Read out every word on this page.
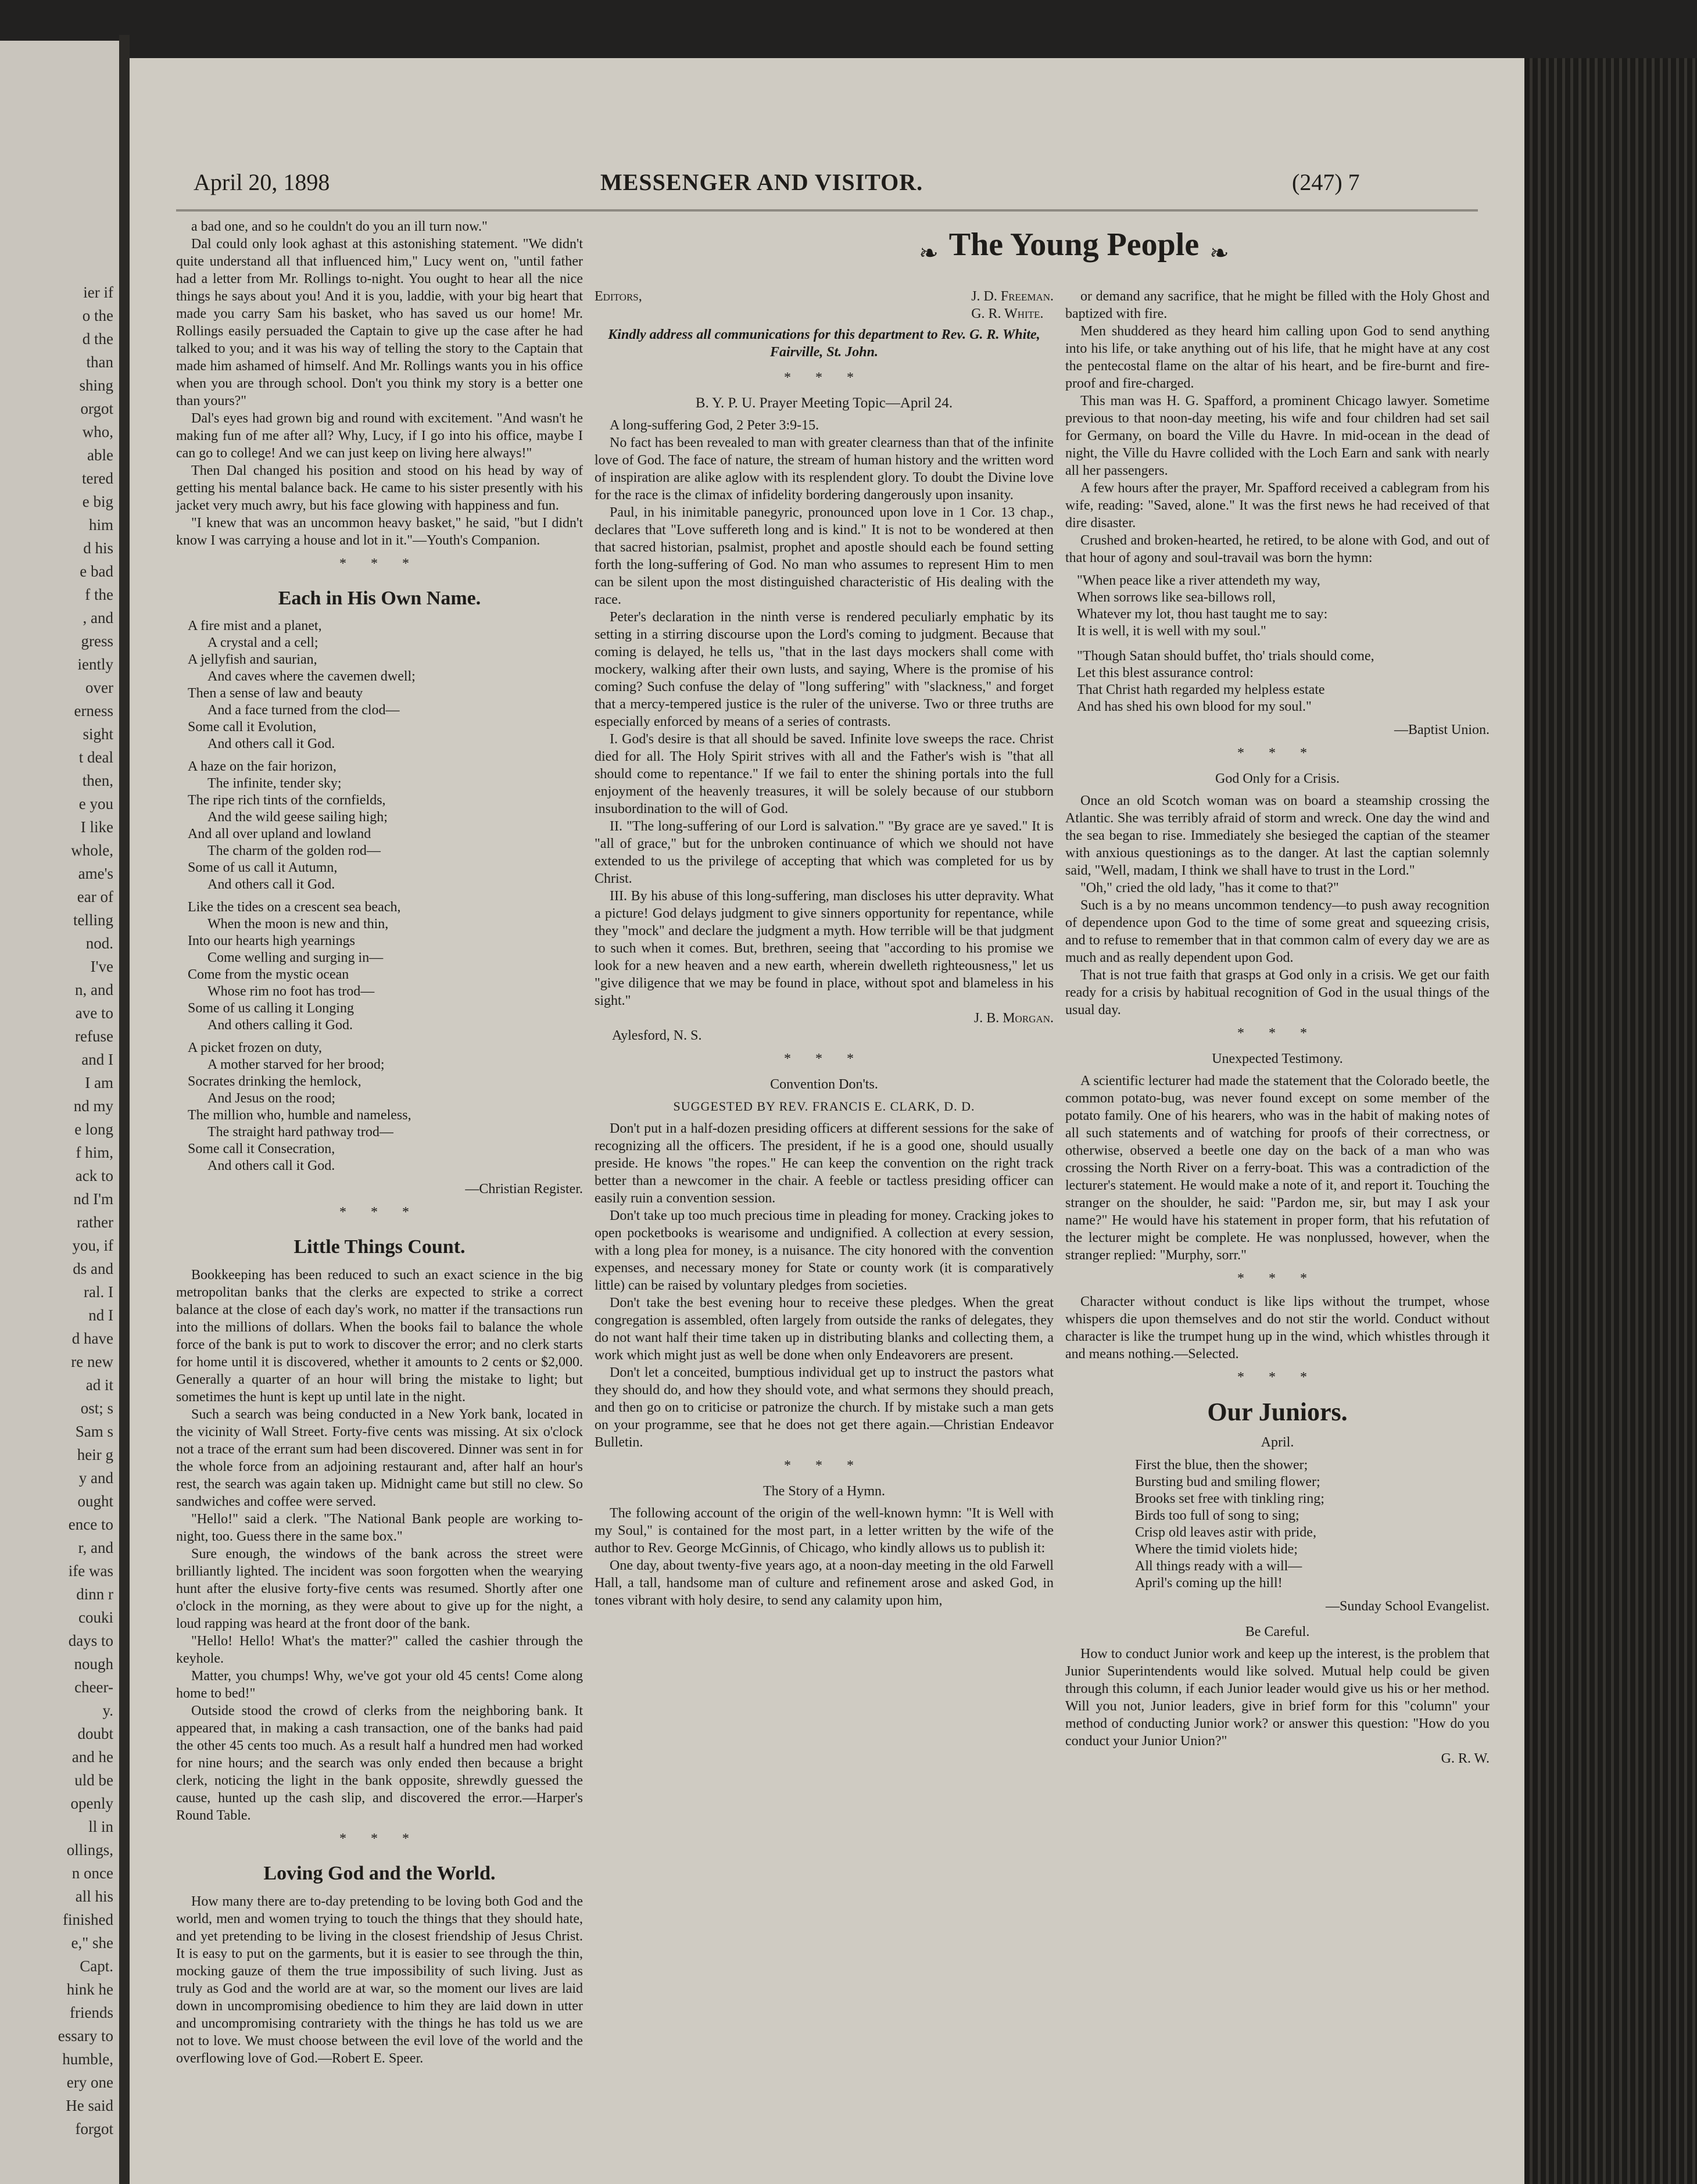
ier if
o the
d the
than
shing
orgot
who,
able
tered
e big
him
d his
e bad
f the
, and
gress
iently
over
erness
sight
t deal
then,
e you
I like
whole,
ame's
ear of
telling
nod.
I've
n, and
ave to
refuse
and I
I am
nd my
e long
f him,
ack to
nd I'm
rather
you, if
ds and
ral. I
nd I
d have
re new
ad it
ost; s
Sam s
heir g
y and
ought
ence to
r, and
ife was
dinn r
couki
days to
nough
cheer-
y.
doubt
and he
uld be
openly
ll in
ollings,
n once
all his
finished
e," she
Capt.
hink he
friends
essary to
humble,
ery one
He said
forgot
April 20, 1898	MESSENGER AND VISITOR.	(247) 7

a bad one, and so he couldn't do you an ill turn now."

Dal could only look aghast at this astonishing statement. "We didn't quite understand all that influenced him," Lucy went on, "until father had a letter from Mr. Rollings to-night. You ought to hear all the nice things he says about you! And it is you, laddie, with your big heart that made you carry Sam his basket, who has saved us our home! Mr. Rollings easily persuaded the Captain to give up the case after he had talked to you; and it was his way of telling the story to the Captain that made him ashamed of himself. And Mr. Rollings wants you in his office when you are through school. Don't you think my story is a better one than yours?"

Dal's eyes had grown big and round with excitement. "And wasn't he making fun of me after all? Why, Lucy, if I go into his office, maybe I can go to college! And we can just keep on living here always!"

Then Dal changed his position and stood on his head by way of getting his mental balance back. He came to his sister presently with his jacket very much awry, but his face glowing with happiness and fun.

"I knew that was an uncommon heavy basket," he said, "but I didn't know I was carrying a house and lot in it."—Youth's Companion.

* * *
Each in His Own Name.
A fire mist and a planet,
A crystal and a cell;
A jellyfish and saurian,
And caves where the cavemen dwell;
Then a sense of law and beauty
And a face turned from the clod—
Some call it Evolution,
And others call it God.
A haze on the fair horizon,
The infinite, tender sky;
The ripe rich tints of the cornfields,
And the wild geese sailing high;
And all over upland and lowland
The charm of the golden rod—
Some of us call it Autumn,
And others call it God.
Like the tides on a crescent sea beach,
When the moon is new and thin,
Into our hearts high yearnings
Come welling and surging in—
Come from the mystic ocean
Whose rim no foot has trod—
Some of us calling it Longing
And others calling it God.
A picket frozen on duty,
A mother starved for her brood;
Socrates drinking the hemlock,
And Jesus on the rood;
The million who, humble and nameless,
The straight hard pathway trod—
Some call it Consecration,
And others call it God.
—Christian Register.
* * *
Little Things Count.

Bookkeeping has been reduced to such an exact science in the big metropolitan banks that the clerks are expected to strike a correct balance at the close of each day's work, no matter if the transactions run into the millions of dollars. When the books fail to balance the whole force of the bank is put to work to discover the error; and no clerk starts for home until it is discovered, whether it amounts to 2 cents or $2,000. Generally a quarter of an hour will bring the mistake to light; but sometimes the hunt is kept up until late in the night.

Such a search was being conducted in a New York bank, located in the vicinity of Wall Street. Forty-five cents was missing. At six o'clock not a trace of the errant sum had been discovered. Dinner was sent in for the whole force from an adjoining restaurant and, after half an hour's rest, the search was again taken up. Midnight came but still no clew. So sandwiches and coffee were served.

"Hello!" said a clerk. "The National Bank people are working to-night, too. Guess there in the same box."

Sure enough, the windows of the bank across the street were brilliantly lighted. The incident was soon forgotten when the wearying hunt after the elusive forty-five cents was resumed. Shortly after one o'clock in the morning, as they were about to give up for the night, a loud rapping was heard at the front door of the bank.

"Hello! Hello! What's the matter?" called the cashier through the keyhole.

Matter, you chumps! Why, we've got your old 45 cents! Come along home to bed!"

Outside stood the crowd of clerks from the neighboring bank. It appeared that, in making a cash transaction, one of the banks had paid the other 45 cents too much. As a result half a hundred men had worked for nine hours; and the search was only ended then because a bright clerk, noticing the light in the bank opposite, shrewdly guessed the cause, hunted up the cash slip, and discovered the error.—Harper's Round Table.

* * *
Loving God and the World.

How many there are to-day pretending to be loving both God and the world, men and women trying to touch the things that they should hate, and yet pretending to be living in the closest friendship of Jesus Christ. It is easy to put on the garments, but it is easier to see through the thin, mocking gauze of them the true impossibility of such living. Just as truly as God and the world are at war, so the moment our lives are laid down in uncompromising obedience to him they are laid down in utter and uncompromising contrariety with the things he has told us we are not to love. We must choose between the evil love of the world and the overflowing love of God.—Robert E. Speer.

❧ The Young People ❧
Editors,	J. D. Freeman.
G. R. White.
Kindly address all communications for this department to Rev. G. R. White, Fairville, St. John.
* * *
B. Y. P. U. Prayer Meeting Topic—April 24.

A long-suffering God, 2 Peter 3:9-15.

No fact has been revealed to man with greater clearness than that of the infinite love of God. The face of nature, the stream of human history and the written word of inspiration are alike aglow with its resplendent glory. To doubt the Divine love for the race is the climax of infidelity bordering dangerously upon insanity.

Paul, in his inimitable panegyric, pronounced upon love in 1 Cor. 13 chap., declares that "Love suffereth long and is kind." It is not to be wondered at then that sacred historian, psalmist, prophet and apostle should each be found setting forth the long-suffering of God. No man who assumes to represent Him to men can be silent upon the most distinguished characteristic of His dealing with the race.

Peter's declaration in the ninth verse is rendered peculiarly emphatic by its setting in a stirring discourse upon the Lord's coming to judgment. Because that coming is delayed, he tells us, "that in the last days mockers shall come with mockery, walking after their own lusts, and saying, Where is the promise of his coming? Such confuse the delay of "long suffering" with "slackness," and forget that a mercy-tempered justice is the ruler of the universe. Two or three truths are especially enforced by means of a series of contrasts.

I. God's desire is that all should be saved. Infinite love sweeps the race. Christ died for all. The Holy Spirit strives with all and the Father's wish is "that all should come to repentance." If we fail to enter the shining portals into the full enjoyment of the heavenly treasures, it will be solely because of our stubborn insubordination to the will of God.

II. "The long-suffering of our Lord is salvation." "By grace are ye saved." It is "all of grace," but for the unbroken continuance of which we should not have extended to us the privilege of accepting that which was completed for us by Christ.

III. By his abuse of this long-suffering, man discloses his utter depravity. What a picture! God delays judgment to give sinners opportunity for repentance, while they "mock" and declare the judgment a myth. How terrible will be that judgment to such when it comes. But, brethren, seeing that "according to his promise we look for a new heaven and a new earth, wherein dwelleth righteousness," let us "give diligence that we may be found in place, without spot and blameless in his sight."

J. B. Morgan.

Aylesford, N. S.

* * *
Convention Don'ts.
SUGGESTED BY REV. FRANCIS E. CLARK, D. D.

Don't put in a half-dozen presiding officers at different sessions for the sake of recognizing all the officers. The president, if he is a good one, should usually preside. He knows "the ropes." He can keep the convention on the right track better than a newcomer in the chair. A feeble or tactless presiding officer can easily ruin a convention session.

Don't take up too much precious time in pleading for money. Cracking jokes to open pocketbooks is wearisome and undignified. A collection at every session, with a long plea for money, is a nuisance. The city honored with the convention expenses, and necessary money for State or county work (it is comparatively little) can be raised by voluntary pledges from societies.

Don't take the best evening hour to receive these pledges. When the great congregation is assembled, often largely from outside the ranks of delegates, they do not want half their time taken up in distributing blanks and collecting them, a work which might just as well be done when only Endeavorers are present.

Don't let a conceited, bumptious individual get up to instruct the pastors what they should do, and how they should vote, and what sermons they should preach, and then go on to criticise or patronize the church. If by mistake such a man gets on your programme, see that he does not get there again.—Christian Endeavor Bulletin.

* * *
The Story of a Hymn.

The following account of the origin of the well-known hymn: "It is Well with my Soul," is contained for the most part, in a letter written by the wife of the author to Rev. George McGinnis, of Chicago, who kindly allows us to publish it:

One day, about twenty-five years ago, at a noon-day meeting in the old Farwell Hall, a tall, handsome man of culture and refinement arose and asked God, in tones vibrant with holy desire, to send any calamity upon him,

or demand any sacrifice, that he might be filled with the Holy Ghost and baptized with fire.

Men shuddered as they heard him calling upon God to send anything into his life, or take anything out of his life, that he might have at any cost the pentecostal flame on the altar of his heart, and be fire-burnt and fire-proof and fire-charged.

This man was H. G. Spafford, a prominent Chicago lawyer. Sometime previous to that noon-day meeting, his wife and four children had set sail for Germany, on board the Ville du Havre. In mid-ocean in the dead of night, the Ville du Havre collided with the Loch Earn and sank with nearly all her passengers.

A few hours after the prayer, Mr. Spafford received a cablegram from his wife, reading: "Saved, alone." It was the first news he had received of that dire disaster.

Crushed and broken-hearted, he retired, to be alone with God, and out of that hour of agony and soul-travail was born the hymn:

"When peace like a river attendeth my way,
When sorrows like sea-billows roll,
Whatever my lot, thou hast taught me to say:
It is well, it is well with my soul."
"Though Satan should buffet, tho' trials should come,
Let this blest assurance control:
That Christ hath regarded my helpless estate
And has shed his own blood for my soul."
—Baptist Union.
* * *
God Only for a Crisis.

Once an old Scotch woman was on board a steamship crossing the Atlantic. She was terribly afraid of storm and wreck. One day the wind and the sea began to rise. Immediately she besieged the captian of the steamer with anxious questionings as to the danger. At last the captian solemnly said, "Well, madam, I think we shall have to trust in the Lord."

"Oh," cried the old lady, "has it come to that?"

Such is a by no means uncommon tendency—to push away recognition of dependence upon God to the time of some great and squeezing crisis, and to refuse to remember that in that common calm of every day we are as much and as really dependent upon God.

That is not true faith that grasps at God only in a crisis. We get our faith ready for a crisis by habitual recognition of God in the usual things of the usual day.

* * *
Unexpected Testimony.

A scientific lecturer had made the statement that the Colorado beetle, the common potato-bug, was never found except on some member of the potato family. One of his hearers, who was in the habit of making notes of all such statements and of watching for proofs of their correctness, or otherwise, observed a beetle one day on the back of a man who was crossing the North River on a ferry-boat. This was a contradiction of the lecturer's statement. He would make a note of it, and report it. Touching the stranger on the shoulder, he said: "Pardon me, sir, but may I ask your name?" He would have his statement in proper form, that his refutation of the lecturer might be complete. He was nonplussed, however, when the stranger replied: "Murphy, sorr."

* * *

Character without conduct is like lips without the trumpet, whose whispers die upon themselves and do not stir the world. Conduct without character is like the trumpet hung up in the wind, which whistles through it and means nothing.—Selected.

* * *
Our Juniors.
April.
First the blue, then the shower;
Bursting bud and smiling flower;
Brooks set free with tinkling ring;
Birds too full of song to sing;
Crisp old leaves astir with pride,
Where the timid violets hide;
All things ready with a will—
April's coming up the hill!
—Sunday School Evangelist.
Be Careful.

How to conduct Junior work and keep up the interest, is the problem that Junior Superintendents would like solved. Mutual help could be given through this column, if each Junior leader would give us his or her method. Will you not, Junior leaders, give in brief form for this "column" your method of conducting Junior work? or answer this question: "How do you conduct your Junior Union?"

G. R. W.
